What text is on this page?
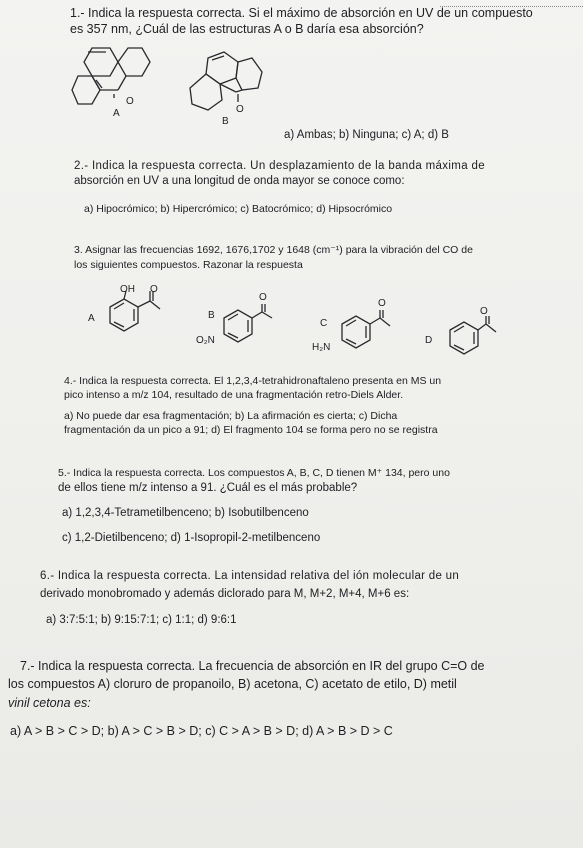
1.- Indica la respuesta correcta. Si el máximo de absorción en UV de un compuesto
es 357 nm, ¿Cuál de las estructuras A o B daría esa absorción?
O
A	O
B
a) Ambas; b) Ninguna; c) A; d) B
2.- Indica la respuesta correcta. Un desplazamiento de la banda máxima de
absorción en UV a una longitud de onda mayor se conoce como:
a) Hipocrómico; b) Hipercrómico; c) Batocrómico; d) Hipsocrómico
3. Asignar las frecuencias 1692, 1676,1702 y 1648 (cm⁻¹) para la vibración del CO de
los siguientes compuestos. Razonar la respuesta
A
OH O
B
O
O₂N
C
O
H₂N
D
O
4.- Indica la respuesta correcta. El 1,2,3,4-tetrahidronaftaleno presenta en MS un
pico intenso a m/z 104, resultado de una fragmentación retro-Diels Alder.
a) No puede dar esa fragmentación; b) La afirmación es cierta; c) Dicha
fragmentación da un pico a 91; d) El fragmento 104 se forma pero no se registra
5.- Indica la respuesta correcta. Los compuestos A, B, C, D tienen M⁺ 134, pero uno
de ellos tiene m/z intenso a 91. ¿Cuál es el más probable?
a) 1,2,3,4-Tetrametilbenceno; b) Isobutilbenceno
c) 1,2-Dietilbenceno; d) 1-Isopropil-2-metilbenceno
6.- Indica la respuesta correcta. La intensidad relativa del ión molecular de un
derivado monobromado y además diclorado para M, M+2, M+4, M+6 es:
a) 3:7:5:1; b) 9:15:7:1; c) 1:1; d) 9:6:1
7.- Indica la respuesta correcta. La frecuencia de absorción en IR del grupo C=O de
los compuestos A) cloruro de propanoilo, B) acetona, C) acetato de etilo, D) metil
vinil cetona es:
a) A > B > C > D; b) A > C > B > D; c) C > A > B > D; d) A > B > D > C
